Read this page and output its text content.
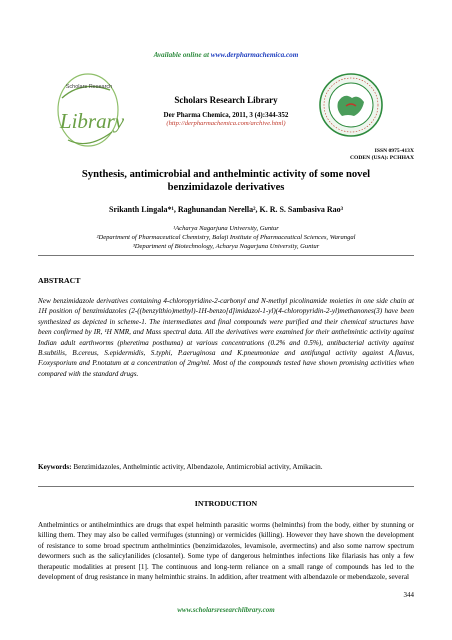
Available online at www.derpharmachemica.com
Scholars Research
Library
Scholars Research Library
Der Pharma Chemica, 2011, 3 (4):344-352
(http://derpharmachemica.com/archive.html)
ISSN 0975-413X
CODEN (USA): PCHHAX
Synthesis, antimicrobial and anthelmintic activity of some novel
benzimidazole derivatives
Srikanth Lingala*¹, Raghunandan Nerella², K. R. S. Sambasiva Rao³
¹Acharya Nagarjuna University, Guntur
²Department of Pharmaceutical Chemistry, Balaji Institute of Pharmaceutical Sciences, Warangal
³Department of Biotechnology, Acharya Nagarjuna University, Guntur
ABSTRACT
New benzimidazole derivatives containing 4-chloropyridine-2-carbonyl and N-methyl picolinamide moieties in one side chain at 1H position of benzimidazoles (2-((benzylthio)methyl)-1H-benzo[d]imidazol-1-yl)(4-chloropyridin-2-yl)methanones(3) have been synthesized as depicted in scheme-1. The intermediates and final compounds were purified and their chemical structures have been confirmed by IR, ¹H NMR, and Mass spectral data. All the derivatives were examined for their anthelmintic activity against Indian adult earthworms (pheretima posthuma) at various concentrations (0.2% and 0.5%), antibacterial activity against B.subtilis, B.cereus, S.epidermidis, S.typhi, P.aeruginosa and K.pneumoniae and antifungal activity against A.flavus, F.oxysporium and P.notatum at a concentration of 2mg/ml. Most of the compounds tested have shown promising activities when compared with the standard drugs.
Keywords: Benzimidazoles, Anthelmintic activity, Albendazole, Antimicrobial activity, Amikacin.
INTRODUCTION
Anthelmintics or antihelminthics are drugs that expel helminth parasitic worms (helminths) from the body, either by stunning or killing them. They may also be called vermifuges (stunning) or vermicides (killing). However they have shown the development of resistance to some broad spectrum anthelmintics (benzimidazoles, levamisole, avermectins) and also some narrow spectrum dewormers such as the salicylanilides (closantel). Some type of dangerous helminthes infections like filariasis has only a few therapeutic modalities at present [1]. The continuous and long-term reliance on a small range of compounds has led to the development of drug resistance in many helminthic strains. In addition, after treatment with albendazole or mebendazole, several
344
www.scholarsresearchlibrary.com
